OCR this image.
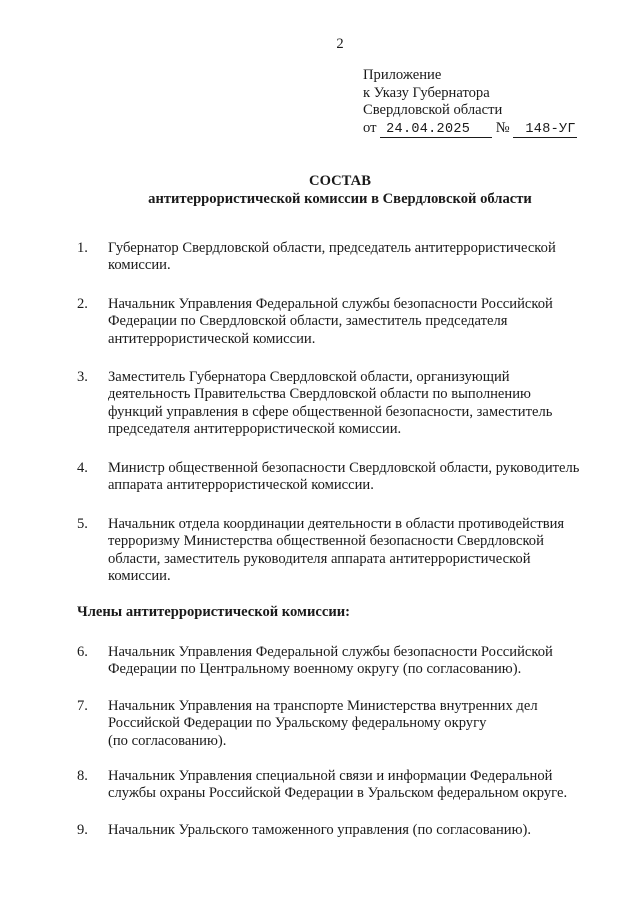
2
Приложение
к Указу Губернатора
Свердловской области
от 24.04.2025 № 148-УГ
СОСТАВ
антитеррористической комиссии в Свердловской области
1.	Губернатор Свердловской области, председатель антитеррористической
комиссии.
2.	Начальник Управления Федеральной службы безопасности Российской
Федерации по Свердловской области, заместитель председателя
антитеррористической комиссии.
3.	Заместитель Губернатора Свердловской области, организующий
деятельность Правительства Свердловской области по выполнению
функций управления в сфере общественной безопасности, заместитель
председателя антитеррористической комиссии.
4.	Министр общественной безопасности Свердловской области, руководитель
аппарата антитеррористической комиссии.
5.	Начальник отдела координации деятельности в области противодействия
терроризму Министерства общественной безопасности Свердловской
области, заместитель руководителя аппарата антитеррористической
комиссии.
Члены антитеррористической комиссии:
6.	Начальник Управления Федеральной службы безопасности Российской
Федерации по Центральному военному округу (по согласованию).
7.	Начальник Управления на транспорте Министерства внутренних дел
Российской Федерации по Уральскому федеральному округу
(по согласованию).
8.	Начальник Управления специальной связи и информации Федеральной
службы охраны Российской Федерации в Уральском федеральном округе.
9.	Начальник Уральского таможенного управления (по согласованию).
